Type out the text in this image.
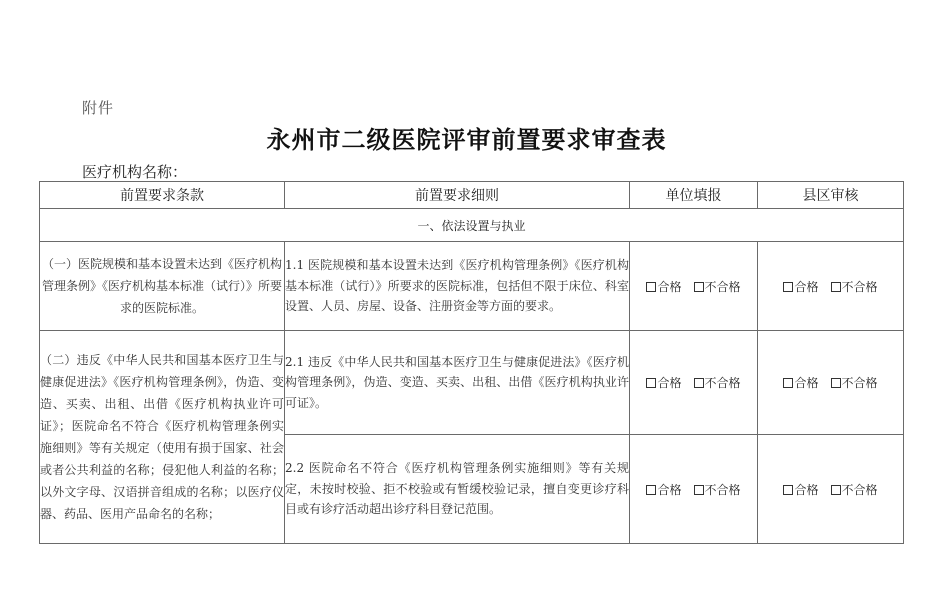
附件
永州市二级医院评审前置要求审查表
医疗机构名称：
前置要求条款	前置要求细则	单位填报	县区审核
一、依法设置与执业			
（一）医院规模和基本设置未达到《医疗机构管理条例》《医疗机构基本标准（试行）》所要求的医院标准。	1.1 医院规模和基本设置未达到《医疗机构管理条例》《医疗机构基本标准（试行）》所要求的医院标准，包括但不限于床位、科室设置、人员、房屋、设备、注册资金等方面的要求。	合格 不合格	合格 不合格
（二）违反《中华人民共和国基本医疗卫生与健康促进法》《医疗机构管理条例》，伪造、变造、买卖、出租、出借《医疗机构执业许可证》；医院命名不符合《医疗机构管理条例实施细则》等有关规定（使用有损于国家、社会或者公共利益的名称；侵犯他人利益的名称；以外文字母、汉语拼音组成的名称；以医疗仪器、药品、医用产品命名的名称；	2.1 违反《中华人民共和国基本医疗卫生与健康促进法》《医疗机构管理条例》，伪造、变造、买卖、出租、出借《医疗机构执业许可证》。	合格 不合格	合格 不合格
	2.2 医院命名不符合《医疗机构管理条例实施细则》等有关规定，未按时校验、拒不校验或有暂缓校验记录，擅自变更诊疗科目或有诊疗活动超出诊疗科目登记范围。	合格 不合格	合格 不合格
